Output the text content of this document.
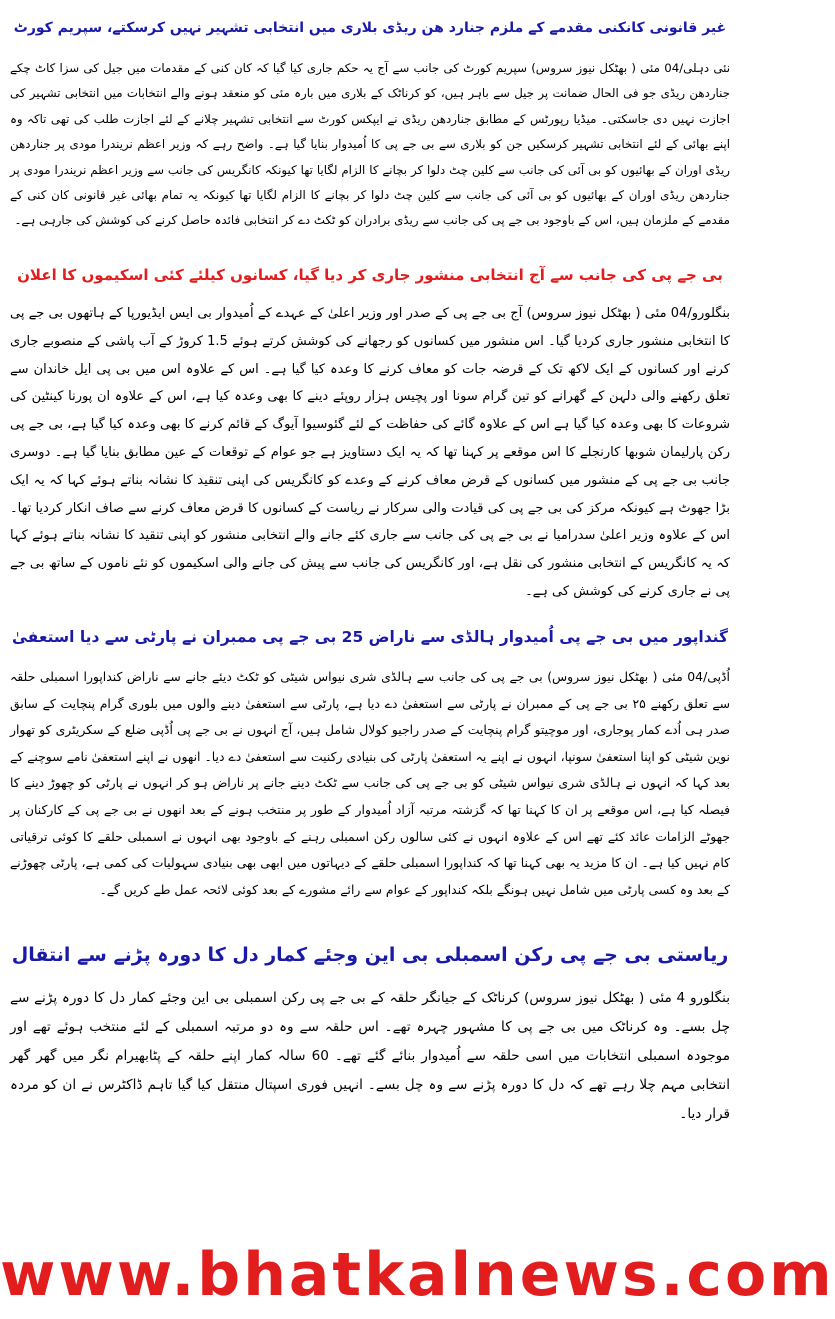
غیر قانونی کانکنی مقدمے کے ملزم جنارد ھن ریڈی بلاری میں انتخابی تشہیر نہیں کرسکتے، سپریم کورٹ

نئی دہلی/04 مئی ( بھٹکل نیوز سروس) سپریم کورٹ کی جانب سے آج یہ حکم جاری کیا گیا کہ کان کنی کے مقدمات میں جیل کی سزا کاٹ چکے جناردھن ریڈی جو فی الحال ضمانت پر جیل سے باہر ہیں، کو کرناٹک کے بلاری میں بارہ مئی کو منعقد ہونے والے انتخابات میں انتخابی تشہیر کی اجازت نہیں دی جاسکتی۔ میڈیا رپورٹس کے مطابق جناردھن ریڈی نے ایپکس کورٹ سے انتخابی تشہیر چلانے کے لئے اجازت طلب کی تھی تاکہ وہ اپنے بھائی کے لئے انتخابی تشہیر کرسکیں جن کو بلاری سے بی جے پی کا اُمیدوار بنایا گیا ہے۔ واضح رہے کہ وزیر اعظم نریندرا مودی پر جناردھن ریڈی اوران کے بھائیوں کو بی آئی کی جانب سے کلین چٹ دلوا کر بچانے کا الزام لگایا تھا کیونکہ کانگریس کی جانب سے وزیر اعظم نریندرا مودی پر جناردھن ریڈی اوران کے بھائیوں کو بی آئی کی جانب سے کلین چٹ دلوا کر بچانے کا الزام لگایا تھا کیونکہ یہ تمام بھائی غیر قانونی کان کنی کے مقدمے کے ملزمان ہیں، اس کے باوجود بی جے پی کی جانب سے ریڈی برادران کو ٹکٹ دے کر انتخابی فائدہ حاصل کرنے کی کوشش کی جارہی ہے۔

بی جے پی کی جانب سے آج انتخابی منشور جاری کر دیا گیا، کسانوں کیلئے کئی اسکیموں کا اعلان

بنگلورو/04 مئی ( بھٹکل نیوز سروس) آج بی جے پی کے صدر اور وزیر اعلیٰ کے عہدے کے اُمیدوار بی ایس ایڈیورپا کے ہاتھوں بی جے پی کا انتخابی منشور جاری کردیا گیا۔ اس منشور میں کسانوں کو رجھانے کی کوشش کرتے ہوئے 1.5 کروڑ کے آب پاشی کے منصوبے جاری کرنے اور کسانوں کے ایک لاکھ تک کے قرضہ جات کو معاف کرنے کا وعدہ کیا گیا ہے۔ اس کے علاوہ اس میں بی پی ایل خاندان سے تعلق رکھنے والی دلہن کے گھرانے کو تین گرام سونا اور پچیس ہزار روپئے دینے کا بھی وعدہ کیا ہے، اس کے علاوہ ان پورنا کینٹین کی شروعات کا بھی وعدہ کیا گیا ہے اس کے علاوہ گائے کی حفاظت کے لئے گئوسیوا آیوگ کے قائم کرنے کا بھی وعدہ کیا گیا ہے، بی جے پی رکن پارلیمان شوبھا کارنجلے کا اس موقعے پر کہنا تھا کہ یہ ایک دستاویز ہے جو عوام کے توقعات کے عین مطابق بنایا گیا ہے۔ دوسری جانب بی جے پی کے منشور میں کسانوں کے قرض معاف کرنے کے وعدے کو کانگریس کی اپنی تنقید کا نشانہ بناتے ہوئے کہا کہ یہ ایک بڑا جھوٹ ہے کیونکہ مرکز کی بی جے پی کی قیادت والی سرکار نے ریاست کے کسانوں کا قرض معاف کرنے سے صاف انکار کردیا تھا۔ اس کے علاوہ وزیر اعلیٰ سدرامیا نے بی جے پی کی جانب سے جاری کئے جانے والے انتخابی منشور کو اپنی تنقید کا نشانہ بناتے ہوئے کہا کہ یہ کانگریس کے انتخابی منشور کی نقل ہے، اور کانگریس کی جانب سے پیش کی جانے والی اسکیموں کو نئے ناموں کے ساتھ بی جے پی نے جاری کرنے کی کوشش کی ہے۔

گنداپور میں بی جے پی اُمیدوار ہالڈی سے ناراض 25 بی جے پی ممبران نے پارٹی سے دیا استعفیٰ

اُڈپی/04 مئی ( بھٹکل نیوز سروس) بی جے پی کی جانب سے ہالڈی شری نیواس شیٹی کو ٹکٹ دیئے جانے سے ناراض کنداپورا اسمبلی حلقہ سے تعلق رکھنے ۲۵ بی جے پی کے ممبران نے پارٹی سے استعفیٰ دے دیا ہے، پارٹی سے استعفیٰ دینے والوں میں بلوری گرام پنچایت کے سابق صدر ہی اُدے کمار پوجاری، اور موچیتو گرام پنچایت کے صدر راجیو کولال شامل ہیں، آج انہوں نے بی جے پی اُڈپی ضلع کے سکریٹری کو تھوار نوین شیٹی کو اپنا استعفیٰ سونپا، انہوں نے اپنے یہ استعفیٰ پارٹی کی بنیادی رکنیت سے استعفیٰ دے دیا۔ انھوں نے اپنے استعفیٰ نامے سوچنے کے بعد کہا کہ انہوں نے ہالڈی شری نیواس شیٹی کو بی جے پی کی جانب سے ٹکٹ دینے جانے پر ناراض ہو کر انہوں نے پارٹی کو چھوڑ دینے کا فیصلہ کیا ہے، اس موقعے پر ان کا کہنا تھا کہ گزشتہ مرتبہ آزاد اُمیدوار کے طور پر منتخب ہونے کے بعد انھوں نے بی جے پی کے کارکنان پر جھوٹے الزامات عائد کئے تھے اس کے علاوہ انہوں نے کئی سالوں رکن اسمبلی رہنے کے باوجود بھی انہوں نے اسمبلی حلقے کا کوئی ترقیاتی کام نہیں کیا ہے۔ ان کا مزید یہ بھی کہنا تھا کہ کنداپورا اسمبلی حلقے کے دیہاتوں میں ابھی بھی بنیادی سہولیات کی کمی ہے، پارٹی چھوڑنے کے بعد وہ کسی پارٹی میں شامل نہیں ہونگے بلکہ کنداپور کے عوام سے رائے مشورے کے بعد کوئی لائحہ عمل طے کریں گے۔

ریاستی بی جے پی رکن اسمبلی بی این وجئے کمار دل کا دورہ پڑنے سے انتقال

بنگلورو 4 مئی ( بھٹکل نیوز سروس) کرناٹک کے جیانگر حلقہ کے بی جے پی رکن اسمبلی بی این وجئے کمار دل کا دورہ پڑنے سے چل بسے۔ وہ کرناٹک میں بی جے پی کا مشہور چہرہ تھے۔ اس حلقہ سے وہ دو مرتبہ اسمبلی کے لئے منتخب ہوئے تھے اور موجودہ اسمبلی انتخابات میں اسی حلقہ سے اُمیدوار بنائے گئے تھے۔ 60 سالہ کمار اپنے حلقہ کے پٹابھیرام نگر میں گھر گھر انتخابی مہم چلا رہے تھے کہ دل کا دورہ پڑنے سے وہ چل بسے۔ انہیں فوری اسپتال منتقل کیا گیا تاہم ڈاکٹرس نے ان کو مردہ قرار دیا۔

www.bhatkalnews.com
